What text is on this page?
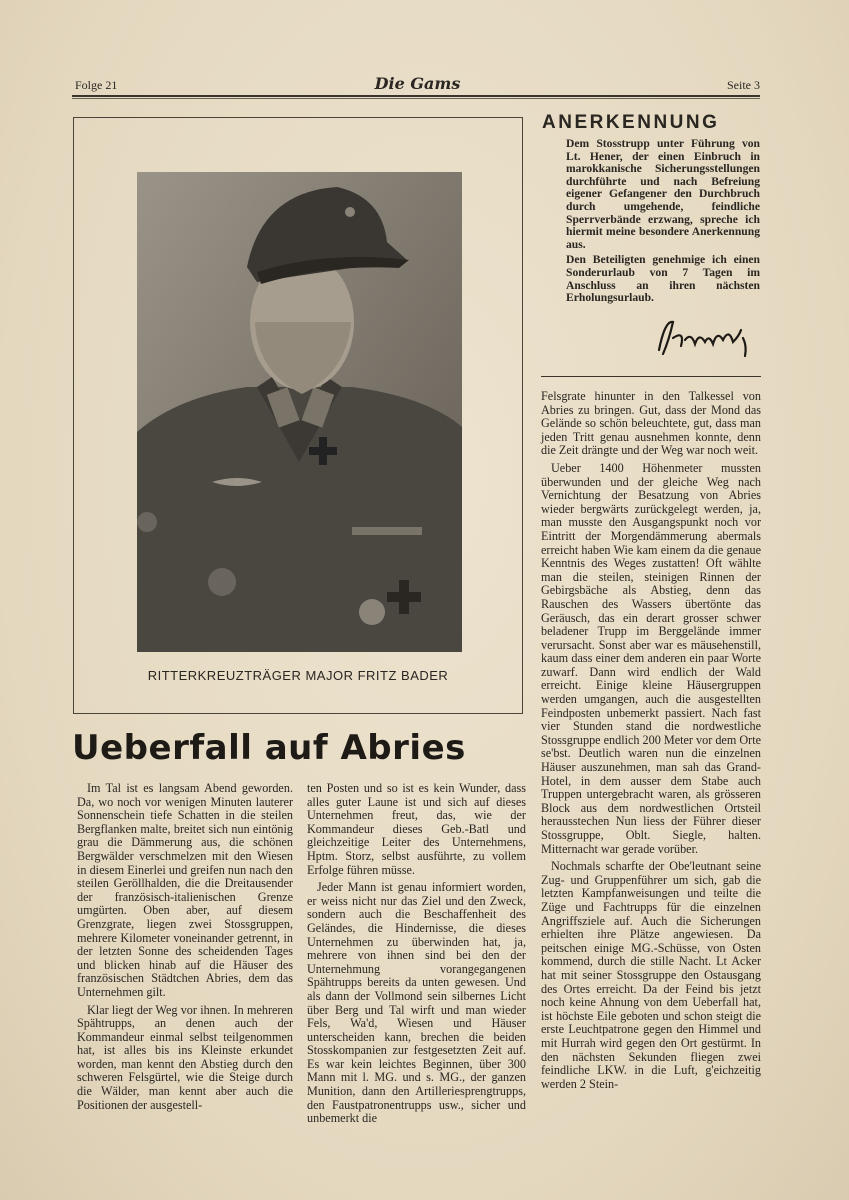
Folge 21	Die Gams	Seite 3
RITTERKREUZTRÄGER MAJOR FRITZ BADER
ANERKENNUNG

Dem Stosstrupp unter Führung von Lt. Hener, der einen Einbruch in marokkanische Sicherungsstellungen durchführte und nach Befreiung eigener Gefangener den Durchbruch durch umgehende, feindliche Sperrverbände erzwang, spreche ich hiermit meine besondere Anerkennung aus.

Den Beteiligten genehmige ich einen Sonderurlaub von 7 Tagen im Anschluss an ihren nächsten Erholungsurlaub.

Ueberfall auf Abries

Im Tal ist es langsam Abend geworden. Da, wo noch vor wenigen Minuten lauterer Sonnenschein tiefe Schatten in die steilen Bergflanken malte, breitet sich nun eintönig grau die Dämmerung aus, die schönen Bergwälder verschmelzen mit den Wiesen in diesem Einerlei und greifen nun nach den steilen Geröllhalden, die die Dreitausender der französisch-italienischen Grenze umgürten. Oben aber, auf diesem Grenzgrate, liegen zwei Stossgruppen, mehrere Kilometer voneinander getrennt, in der letzten Sonne des scheidenden Tages und blicken hinab auf die Häuser des französischen Städtchen Abries, dem das Unternehmen gilt.

Klar liegt der Weg vor ihnen. In mehreren Spähtrupps, an denen auch der Kommandeur einmal selbst teilgenommen hat, ist alles bis ins Kleinste erkundet worden, man kennt den Abstieg durch den schweren Felsgürtel, wie die Steige durch die Wälder, man kennt aber auch die Positionen der ausgestell-

ten Posten und so ist es kein Wunder, dass alles guter Laune ist und sich auf dieses Unternehmen freut, das, wie der Kommandeur dieses Geb.-Batl und gleichzeitige Leiter des Unternehmens, Hptm. Storz, selbst ausführte, zu vollem Erfolge führen müsse.

Jeder Mann ist genau informiert worden, er weiss nicht nur das Ziel und den Zweck, sondern auch die Beschaffenheit des Geländes, die Hindernisse, die dieses Unternehmen zu überwinden hat, ja, mehrere von ihnen sind bei den der Unternehmung vorangegangenen Spähtrupps bereits da unten gewesen. Und als dann der Vollmond sein silbernes Licht über Berg und Tal wirft und man wieder Fels, Wa'd, Wiesen und Häuser unterscheiden kann, brechen die beiden Stosskompanien zur festgesetzten Zeit auf. Es war kein leichtes Beginnen, über 300 Mann mit l. MG. und s. MG., der ganzen Munition, dann den Artilleriesprengtrupps, den Faustpatronentrupps usw., sicher und unbemerkt die

Felsgrate hinunter in den Talkessel von Abries zu bringen. Gut, dass der Mond das Gelände so schön beleuchtete, gut, dass man jeden Tritt genau ausnehmen konnte, denn die Zeit drängte und der Weg war noch weit.

Ueber 1400 Höhenmeter mussten überwunden und der gleiche Weg nach Vernichtung der Besatzung von Abries wieder bergwärts zurückgelegt werden, ja, man musste den Ausgangspunkt noch vor Eintritt der Morgendämmerung abermals erreicht haben Wie kam einem da die genaue Kenntnis des Weges zustatten! Oft wählte man die steilen, steinigen Rinnen der Gebirgsbäche als Abstieg, denn das Rauschen des Wassers übertönte das Geräusch, das ein derart grosser schwer beladener Trupp im Berggelände immer verursacht. Sonst aber war es mäusehenstill, kaum dass einer dem anderen ein paar Worte zuwarf. Dann wird endlich der Wald erreicht. Einige kleine Häusergruppen werden umgangen, auch die ausgestellten Feindposten unbemerkt passiert. Nach fast vier Stunden stand die nordwestliche Stossgruppe endlich 200 Meter vor dem Orte se'bst. Deutlich waren nun die einzelnen Häuser auszunehmen, man sah das Grand-Hotel, in dem ausser dem Stabe auch Truppen untergebracht waren, als grösseren Block aus dem nordwestlichen Ortsteil herausstechen Nun liess der Führer dieser Stossgruppe, Oblt. Siegle, halten. Mitternacht war gerade vorüber.

Nochmals scharfte der Obe'leutnant seine Zug- und Gruppenführer um sich, gab die letzten Kampfanweisungen und teilte die Züge und Fachtrupps für die einzelnen Angriffsziele auf. Auch die Sicherungen erhielten ihre Plätze angewiesen. Da peitschen einige MG.-Schüsse, von Osten kommend, durch die stille Nacht. Lt Acker hat mit seiner Stossgruppe den Ostausgang des Ortes erreicht. Da der Feind bis jetzt noch keine Ahnung von dem Ueberfall hat, ist höchste Eile geboten und schon steigt die erste Leuchtpatrone gegen den Himmel und mit Hurrah wird gegen den Ort gestürmt. In den nächsten Sekunden fliegen zwei feindliche LKW. in die Luft, g'eichzeitig werden 2 Stein-
